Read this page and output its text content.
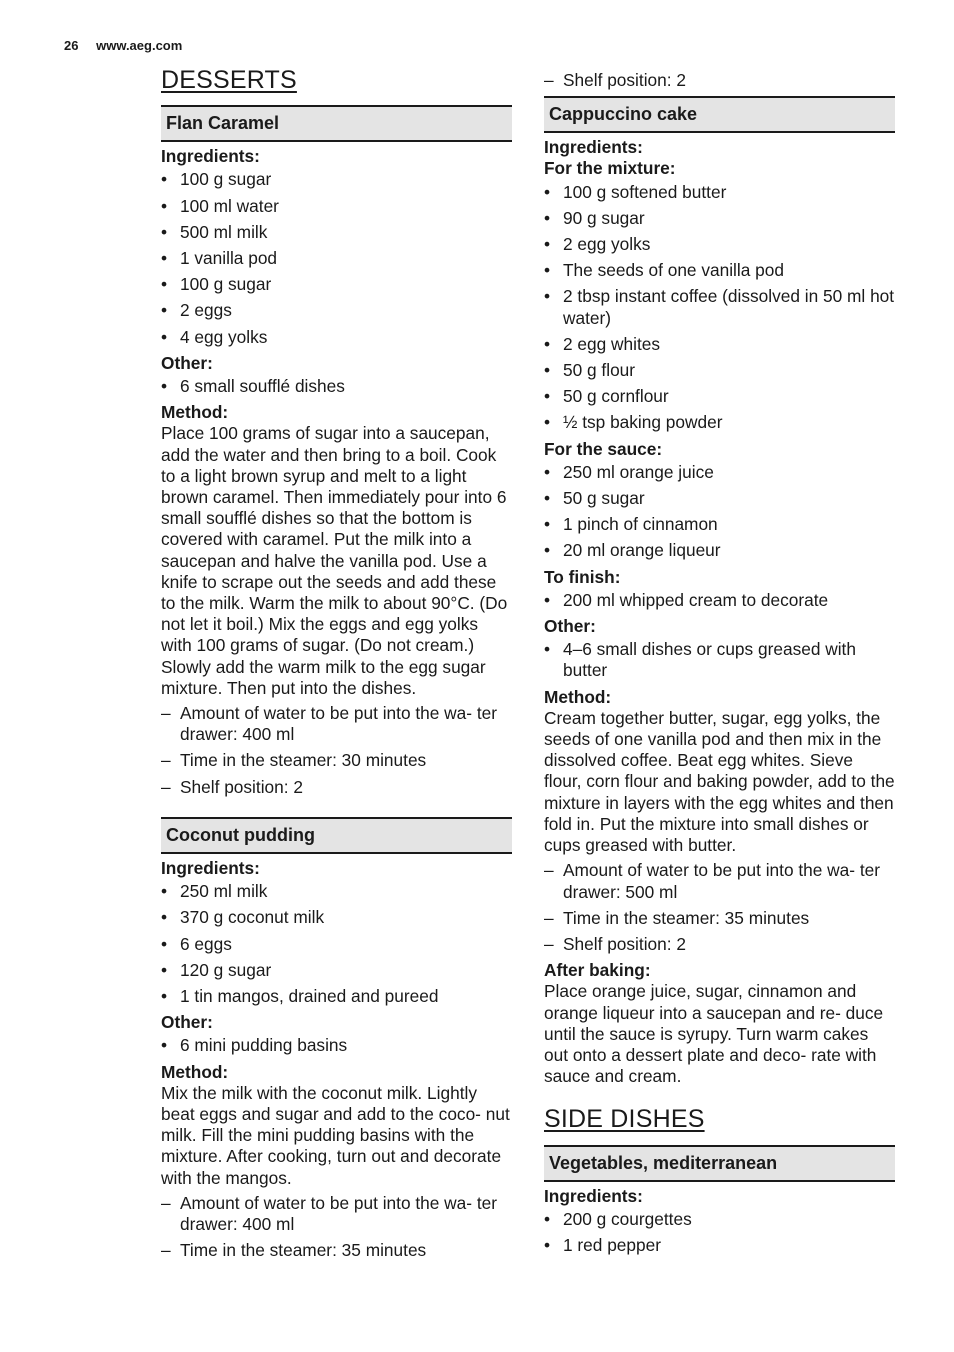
26 www.aeg.com
DESSERTS
Flan Caramel

Ingredients:

• 100 g sugar
• 100 ml water
• 500 ml milk
• 1 vanilla pod
• 100 g sugar
• 2 eggs
• 4 egg yolks

Other:

• 6 small soufflé dishes

Method:

Place 100 grams of sugar into a saucepan, add the water and then bring to a boil. Cook to a light brown syrup and melt to a light brown caramel. Then immediately pour into 6 small soufflé dishes so that the bottom is covered with caramel. Put the milk into a saucepan and halve the vanilla pod. Use a knife to scrape out the seeds and add these to the milk. Warm the milk to about 90°C. (Do not let it boil.) Mix the eggs and egg yolks with 100 grams of sugar. (Do not cream.) Slowly add the warm milk to the egg sugar mixture. Then put into the dishes.

– Amount of water to be put into the wa- ter drawer: 400 ml
– Time in the steamer: 30 minutes
– Shelf position: 2
Coconut pudding

Ingredients:

• 250 ml milk
• 370 g coconut milk
• 6 eggs
• 120 g sugar
• 1 tin mangos, drained and pureed

Other:

• 6 mini pudding basins

Method:

Mix the milk with the coconut milk. Lightly beat eggs and sugar and add to the coco- nut milk. Fill the mini pudding basins with the mixture. After cooking, turn out and decorate with the mangos.

– Amount of water to be put into the wa- ter drawer: 400 ml
– Time in the steamer: 35 minutes
– Shelf position: 2
Cappuccino cake

Ingredients:

For the mixture:

• 100 g softened butter
• 90 g sugar
• 2 egg yolks
• The seeds of one vanilla pod
• 2 tbsp instant coffee (dissolved in 50 ml hot water)
• 2 egg whites
• 50 g flour
• 50 g cornflour
• ½ tsp baking powder

For the sauce:

• 250 ml orange juice
• 50 g sugar
• 1 pinch of cinnamon
• 20 ml orange liqueur

To finish:

• 200 ml whipped cream to decorate

Other:

• 4–6 small dishes or cups greased with butter

Method:

Cream together butter, sugar, egg yolks, the seeds of one vanilla pod and then mix in the dissolved coffee. Beat egg whites. Sieve flour, corn flour and baking powder, add to the mixture in layers with the egg whites and then fold in. Put the mixture into small dishes or cups greased with butter.

– Amount of water to be put into the wa- ter drawer: 500 ml
– Time in the steamer: 35 minutes
– Shelf position: 2

After baking:

Place orange juice, sugar, cinnamon and orange liqueur into a saucepan and re- duce until the sauce is syrupy. Turn warm cakes out onto a dessert plate and deco- rate with sauce and cream.

SIDE DISHES
Vegetables, mediterranean

Ingredients:

• 200 g courgettes
• 1 red pepper
